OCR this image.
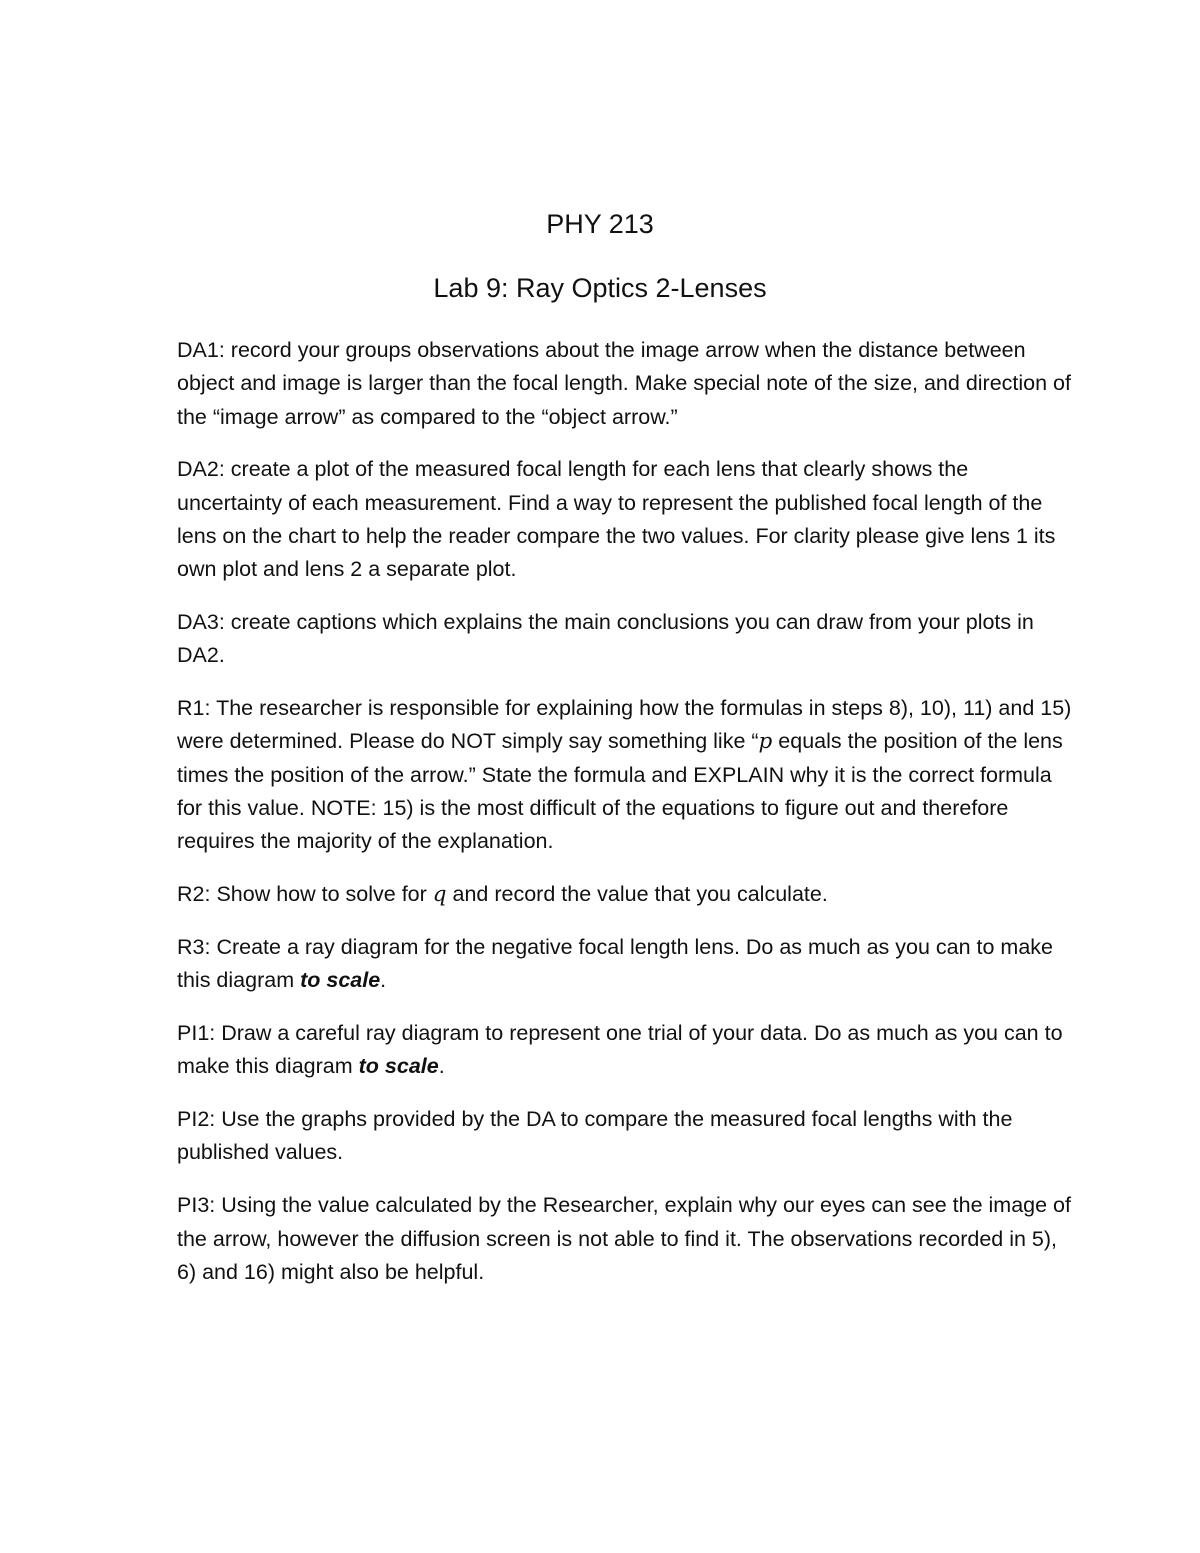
PHY 213
Lab 9: Ray Optics 2-Lenses

DA1: record your groups observations about the image arrow when the distance between object and image is larger than the focal length. Make special note of the size, and direction of the “image arrow” as compared to the “object arrow.”

DA2: create a plot of the measured focal length for each lens that clearly shows the uncertainty of each measurement. Find a way to represent the published focal length of the lens on the chart to help the reader compare the two values. For clarity please give lens 1 its own plot and lens 2 a separate plot.

DA3: create captions which explains the main conclusions you can draw from your plots in DA2.

R1: The researcher is responsible for explaining how the formulas in steps 8), 10), 11) and 15) were determined. Please do NOT simply say something like “p equals the position of the lens times the position of the arrow.” State the formula and EXPLAIN why it is the correct formula for this value. NOTE: 15) is the most difficult of the equations to figure out and therefore requires the majority of the explanation.

R2: Show how to solve for q and record the value that you calculate.

R3: Create a ray diagram for the negative focal length lens. Do as much as you can to make this diagram to scale.

PI1: Draw a careful ray diagram to represent one trial of your data. Do as much as you can to make this diagram to scale.

PI2: Use the graphs provided by the DA to compare the measured focal lengths with the published values.

PI3: Using the value calculated by the Researcher, explain why our eyes can see the image of the arrow, however the diffusion screen is not able to find it. The observations recorded in 5), 6) and 16) might also be helpful.
